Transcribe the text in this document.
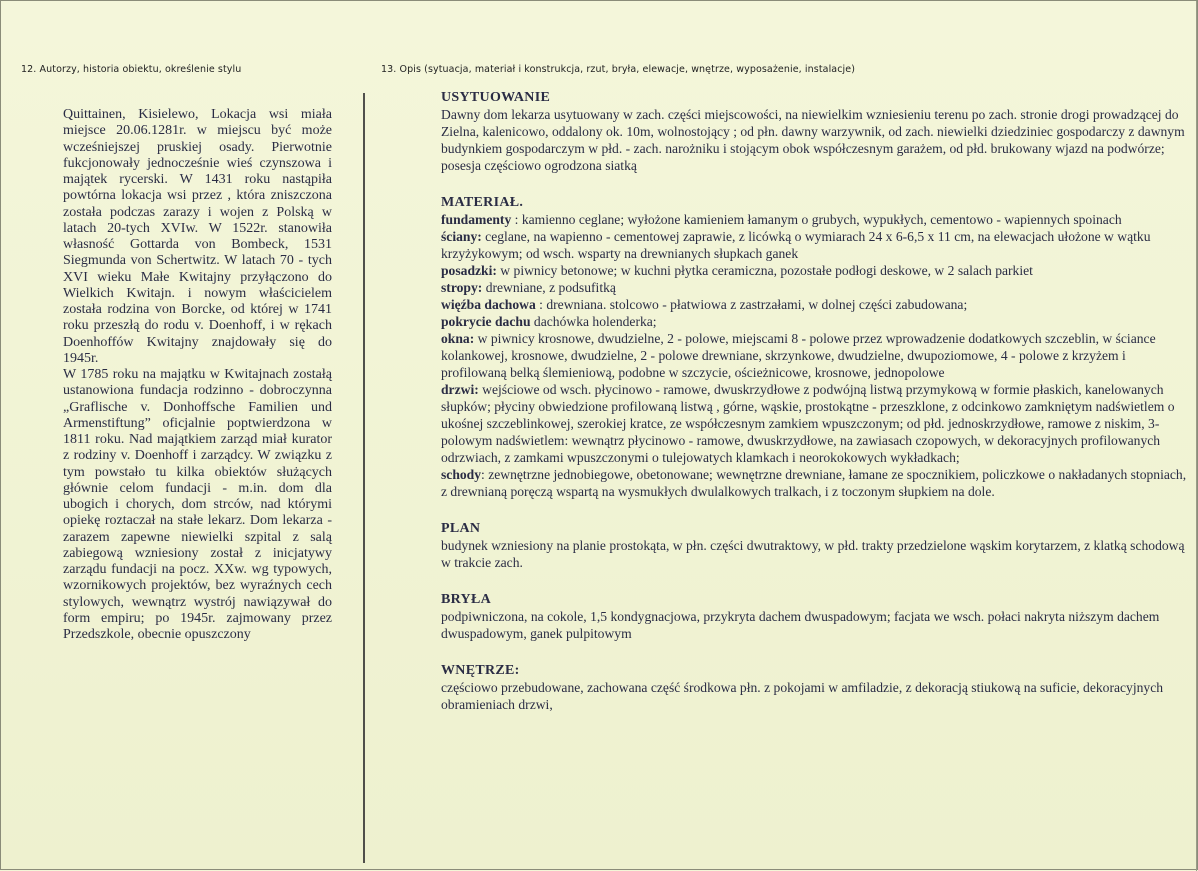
12. Autorzy, historia obiektu, określenie stylu	13. Opis (sytuacja, materiał i konstrukcja, rzut, bryła, elewacje, wnętrze, wyposażenie, instalacje)

Quittainen, Kisielewo, Lokacja wsi miała miejsce 20.06.1281r. w miejscu być może wcześniejszej pruskiej osady. Pierwotnie fukcjonowały jednocześnie wieś czynszowa i majątek rycerski. W 1431 roku nastąpiła powtórna lokacja wsi przez , która zniszczona została podczas zarazy i wojen z Polską w latach 20-tych XVIw. W 1522r. stanowiła własność Gottarda von Bombeck, 1531 Siegmunda von Schertwitz. W latach 70 - tych XVI wieku Małe Kwitajny przyłączono do Wielkich Kwitajn. i nowym właścicielem została rodzina von Borcke, od której w 1741 roku przeszłą do rodu v. Doenhoff, i w rękach Doenhoffów Kwitajny znajdowały się do 1945r.

W 1785 roku na majątku w Kwitajnach zostałą ustanowiona fundacja rodzinno - dobroczynna „Graflische v. Donhoffsche Familien und Armenstiftung” oficjalnie poptwierdzona w 1811 roku. Nad majątkiem zarząd miał kurator z rodziny v. Doenhoff i zarządcy. W związku z tym powstało tu kilka obiektów służących głównie celom fundacji - m.in. dom dla ubogich i chorych, dom strców, nad którymi opiekę roztaczał na stałe lekarz. Dom lekarza - zarazem zapewne niewielki szpital z salą zabiegową wzniesiony został z inicjatywy zarządu fundacji na pocz. XXw. wg typowych, wzornikowych projektów, bez wyraźnych cech stylowych, wewnątrz wystrój nawiązywał do form empiru; po 1945r. zajmowany przez Przedszkole, obecnie opuszczony

USYTUOWANIE

Dawny dom lekarza usytuowany w zach. części miejscowości, na niewielkim wzniesieniu terenu po zach. stronie drogi prowadzącej do Zielna, kalenicowo, oddalony ok. 10m, wolnostojący ; od płn. dawny warzywnik, od zach. niewielki dziedziniec gospodarczy z dawnym budynkiem gospodarczym w płd. - zach. narożniku i stojącym obok współczesnym garażem, od płd. brukowany wjazd na podwórze; posesja częściowo ogrodzona siatką

MATERIAŁ.

fundamenty : kamienno ceglane; wyłożone kamieniem łamanym o grubych, wypukłych, cementowo - wapiennych spoinach

ściany: ceglane, na wapienno - cementowej zaprawie, z licówką o wymiarach 24 x 6-6,5 x 11 cm, na elewacjach ułożone w wątku krzyżykowym; od wsch. wsparty na drewnianych słupkach ganek

posadzki: w piwnicy betonowe; w kuchni płytka ceramiczna, pozostałe podłogi deskowe, w 2 salach parkiet

stropy: drewniane, z podsufitką

więźba dachowa : drewniana. stolcowo - płatwiowa z zastrzałami, w dolnej części zabudowana;

pokrycie dachu dachówka holenderka;

okna: w piwnicy krosnowe, dwudzielne, 2 - polowe, miejscami 8 - polowe przez wprowadzenie dodatkowych szczeblin, w ściance kolankowej, krosnowe, dwudzielne, 2 - polowe drewniane, skrzynkowe, dwudzielne, dwupoziomowe, 4 - polowe z krzyżem i profilowaną belką ślemieniową, podobne w szczycie, ościeżnicowe, krosnowe, jednopolowe

drzwi: wejściowe od wsch. płycinowo - ramowe, dwuskrzydłowe z podwójną listwą przymykową w formie płaskich, kanelowanych słupków; płyciny obwiedzione profilowaną listwą , górne, wąskie, prostokątne - przeszklone, z odcinkowo zamkniętym nadświetlem o ukośnej szczeblinkowej, szerokiej kratce, ze współczesnym zamkiem wpuszczonym; od płd. jednoskrzydłowe, ramowe z niskim, 3-polowym nadświetlem: wewnątrz płycinowo - ramowe, dwuskrzydłowe, na zawiasach czopowych, w dekoracyjnych profilowanych odrzwiach, z zamkami wpuszczonymi o tulejowatych klamkach i neorokokowych wykładkach;

schody: zewnętrzne jednobiegowe, obetonowane; wewnętrzne drewniane, łamane ze spocznikiem, policzkowe o nakładanych stopniach, z drewnianą poręczą wspartą na wysmukłych dwulalkowych tralkach, i z toczonym słupkiem na dole.

PLAN

budynek wzniesiony na planie prostokąta, w płn. części dwutraktowy, w płd. trakty przedzielone wąskim korytarzem, z klatką schodową w trakcie zach.

BRYŁA

podpiwniczona, na cokole, 1,5 kondygnacjowa, przykryta dachem dwuspadowym; facjata we wsch. połaci nakryta niższym dachem dwuspadowym, ganek pulpitowym

WNĘTRZE:

częściowo przebudowane, zachowana część środkowa płn. z pokojami w amfiladzie, z dekoracją stiukową na suficie, dekoracyjnych obramieniach drzwi,
